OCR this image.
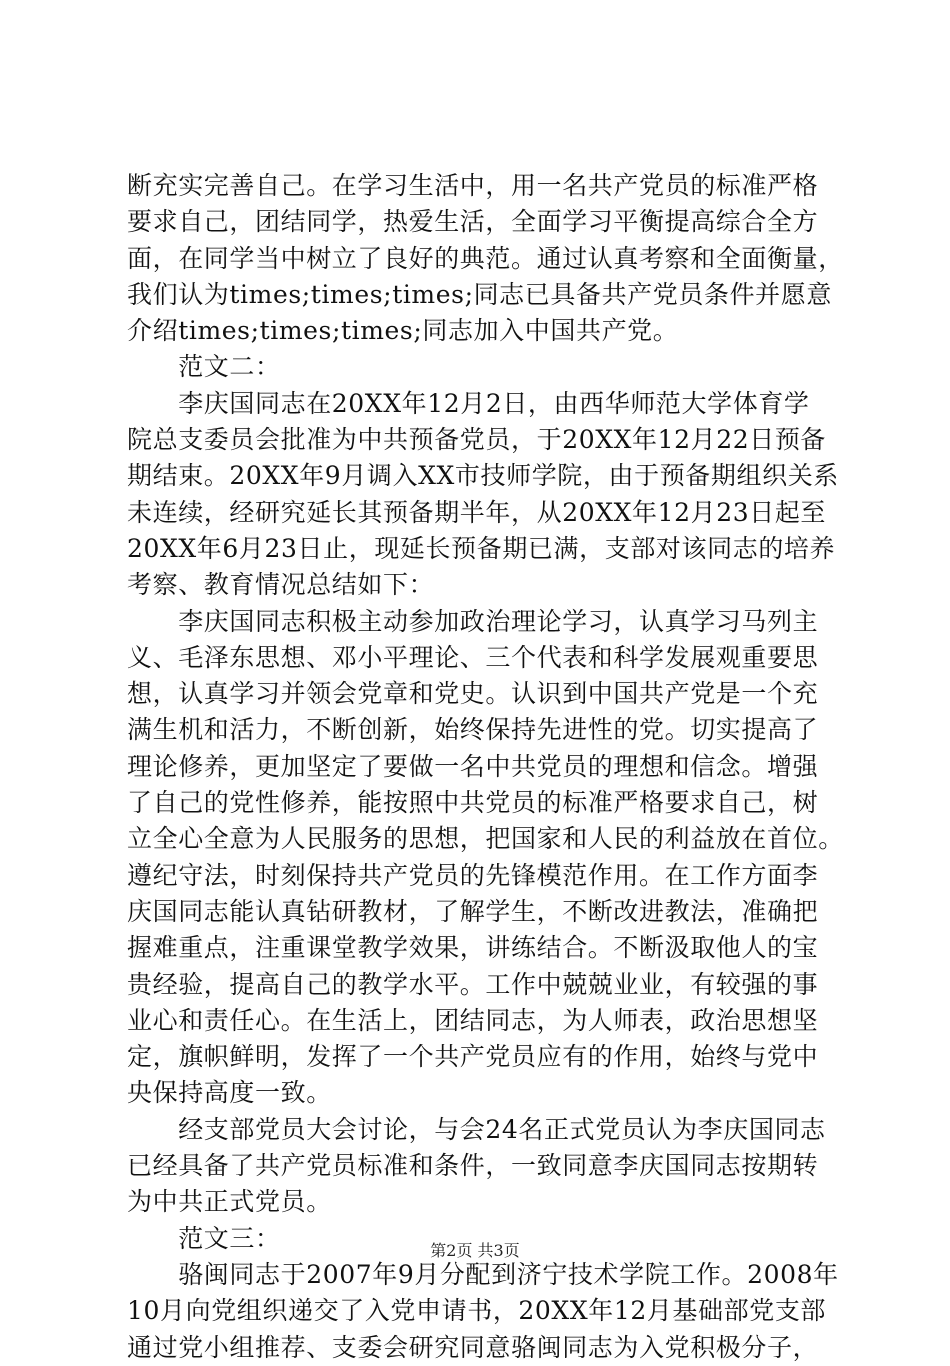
断充实完善自己。在学习生活中，用一名共产党员的标准严格
要求自己，团结同学，热爱生活，全面学习平衡提高综合全方
面，在同学当中树立了良好的典范。通过认真考察和全面衡量，
我们认为times;times;times;同志已具备共产党员条件并愿意
介绍times;times;times;同志加入中国共产党。
　　范文二：
　　李庆国同志在20XX年12月2日，由西华师范大学体育学
院总支委员会批准为中共预备党员，于20XX年12月22日预备
期结束。20XX年9月调入XX市技师学院，由于预备期组织关系
未连续，经研究延长其预备期半年，从20XX年12月23日起至
20XX年6月23日止，现延长预备期已满，支部对该同志的培养
考察、教育情况总结如下：
　　李庆国同志积极主动参加政治理论学习，认真学习马列主
义、毛泽东思想、邓小平理论、三个代表和科学发展观重要思
想，认真学习并领会党章和党史。认识到中国共产党是一个充
满生机和活力，不断创新，始终保持先进性的党。切实提高了
理论修养，更加坚定了要做一名中共党员的理想和信念。增强
了自己的党性修养，能按照中共党员的标准严格要求自己，树
立全心全意为人民服务的思想，把国家和人民的利益放在首位。
遵纪守法，时刻保持共产党员的先锋模范作用。在工作方面李
庆国同志能认真钻研教材，了解学生，不断改进教法，准确把
握难重点，注重课堂教学效果，讲练结合。不断汲取他人的宝
贵经验，提高自己的教学水平。工作中兢兢业业，有较强的事
业心和责任心。在生活上，团结同志，为人师表，政治思想坚
定，旗帜鲜明，发挥了一个共产党员应有的作用，始终与党中
央保持高度一致。
　　经支部党员大会讨论，与会24名正式党员认为李庆国同志
已经具备了共产党员标准和条件，一致同意李庆国同志按期转
为中共正式党员。
　　范文三：
　　骆闽同志于2007年9月分配到济宁技术学院工作。2008年
10月向党组织递交了入党申请书，20XX年12月基础部党支部
通过党小组推荐、支委会研究同意骆闽同志为入党积极分子，
第2页 共3页
